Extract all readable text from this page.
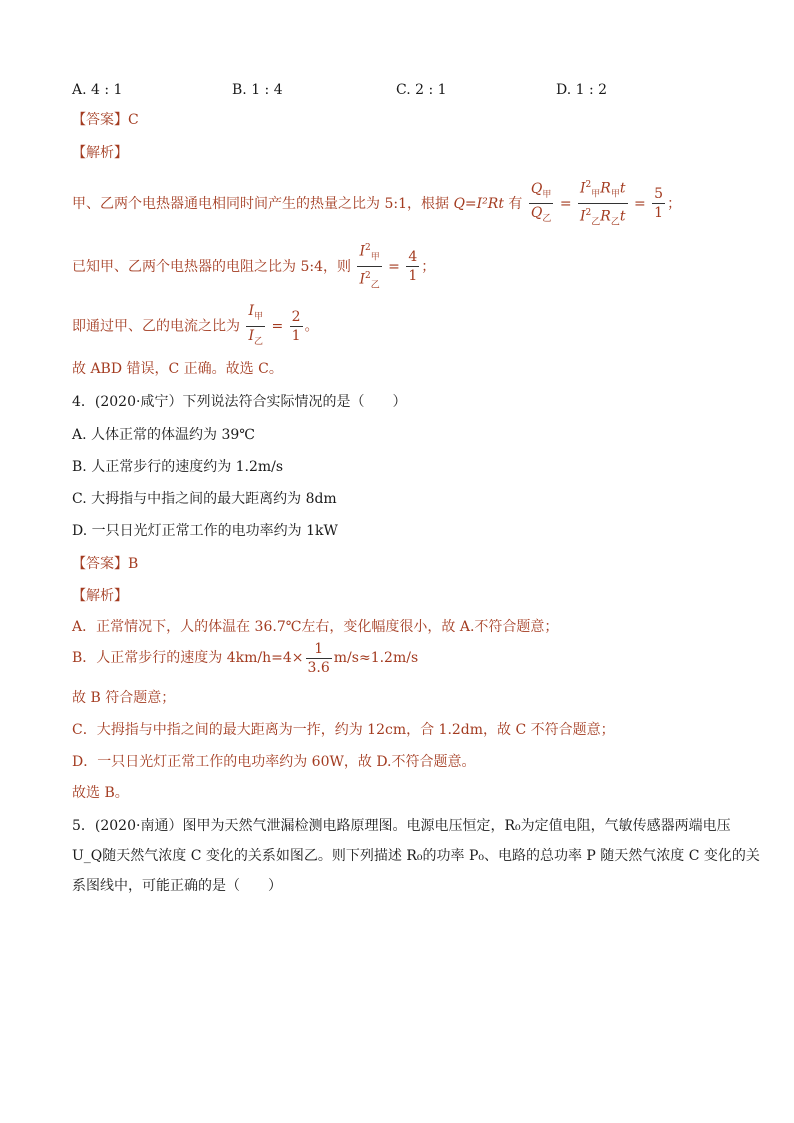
A. 4 : 1	B. 1 : 4	C. 2 : 1	D. 1 : 2
【答案】C
【解析】
甲、乙两个电热器通电相同时间产生的热量之比为 5:1，根据 Q=I²Rt 有 $\frac{Q_甲}{Q_乙} = \frac{I^2_甲R_甲t}{I^2_乙R_乙t} = \frac{5}{1}$ ；
已知甲、乙两个电热器的电阻之比为 5:4，则 $\frac{I^2_甲}{I^2_乙} = \frac{4}{1}$ ；
即通过甲、乙的电流之比为 $\frac{I_甲}{I_乙} = \frac{2}{1}$ 。
故 ABD 错误，C 正确。故选 C。
4．(2020·咸宁）下列说法符合实际情况的是（　　）
A. 人体正常的体温约为 39℃
B. 人正常步行的速度约为 1.2m/s
C. 大拇指与中指之间的最大距离约为 8dm
D. 一只日光灯正常工作的电功率约为 1kW
【答案】B
【解析】
A．正常情况下，人的体温在 36.7℃左右，变化幅度很小，故 A.不符合题意；
B．人正常步行的速度为 $4km/h=4\times \frac{1}{3.6} m/s\approx 1.2m/s$
故 B 符合题意；
C．大拇指与中指之间的最大距离为一拃，约为 12cm，合 1.2dm，故 C 不符合题意；
D．一只日光灯正常工作的电功率约为 60W，故 D.不符合题意。
故选 B。
5．(2020·南通）图甲为天然气泄漏检测电路原理图。电源电压恒定，R₀为定值电阻，气敏传感器两端电压
U_Q随天然气浓度 C 变化的关系如图乙。则下列描述 R₀的功率 P₀、电路的总功率 P 随天然气浓度 C 变化的关
系图线中，可能正确的是（　　）
